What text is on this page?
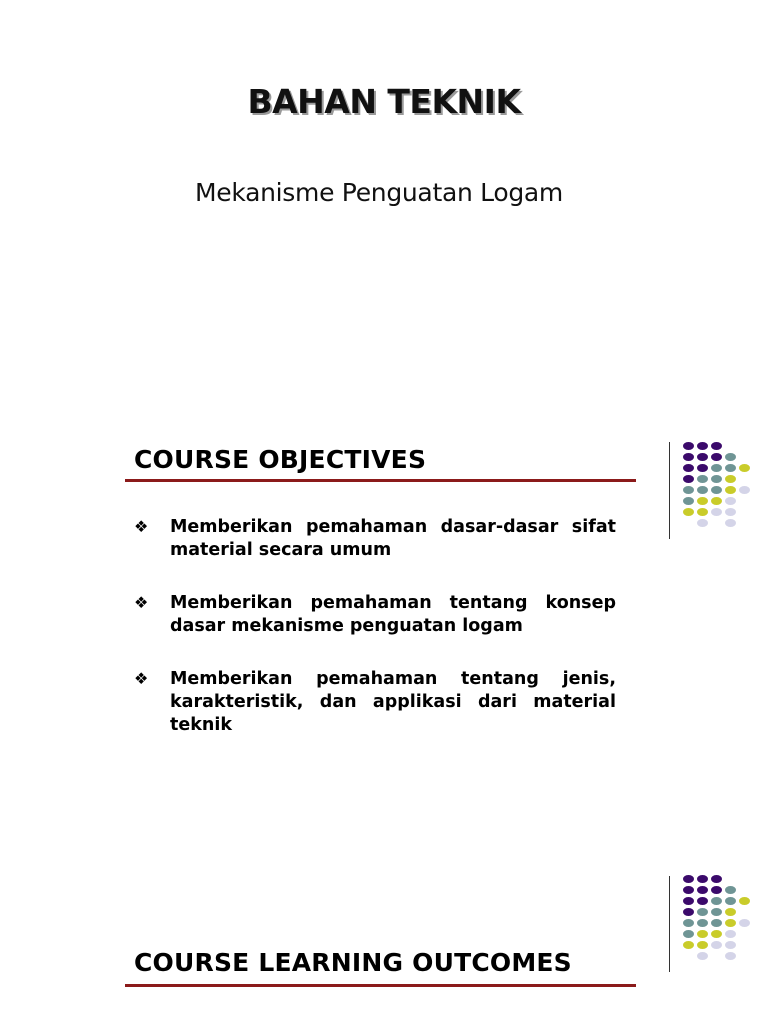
BAHAN TEKNIK
Mekanisme Penguatan Logam
COURSE OBJECTIVES
❖ Memberikan pemahaman dasar-dasar sifat material secara umum
❖ Memberikan pemahaman tentang konsep dasar mekanisme penguatan logam
❖ Memberikan pemahaman tentang jenis, karakteristik, dan applikasi dari material teknik
COURSE LEARNING OUTCOMES
